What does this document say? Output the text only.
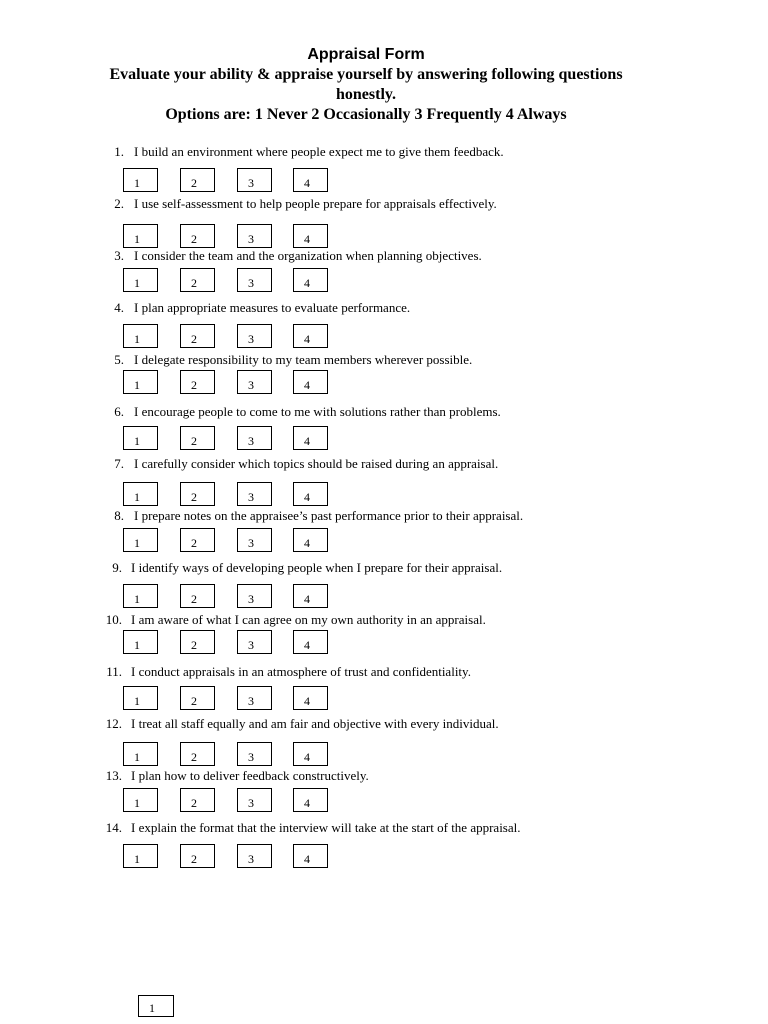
Appraisal Form

Evaluate your ability & appraise yourself by answering following questions

honestly.

Options are: 1 Never 2 Occasionally 3 Frequently 4 Always

1. I build an environment where people expect me to give them feedback.
1	2	3	4
2. I use self-assessment to help people prepare for appraisals effectively.
1	2	3	4
3. I consider the team and the organization when planning objectives.
1	2	3	4
4. I plan appropriate measures to evaluate performance.
1	2	3	4
5. I delegate responsibility to my team members wherever possible.
1	2	3	4
6. I encourage people to come to me with solutions rather than problems.
1	2	3	4
7. I carefully consider which topics should be raised during an appraisal.
1	2	3	4
8. I prepare notes on the appraisee’s past performance prior to their appraisal.
1	2	3	4
9. I identify ways of developing people when I prepare for their appraisal.
1	2	3	4
10. I am aware of what I can agree on my own authority in an appraisal.
1	2	3	4
11. I conduct appraisals in an atmosphere of trust and confidentiality.
1	2	3	4
12. I treat all staff equally and am fair and objective with every individual.
1	2	3	4
13. I plan how to deliver feedback constructively.
1	2	3	4
14. I explain the format that the interview will take at the start of the appraisal.
1	2	3	4
1
